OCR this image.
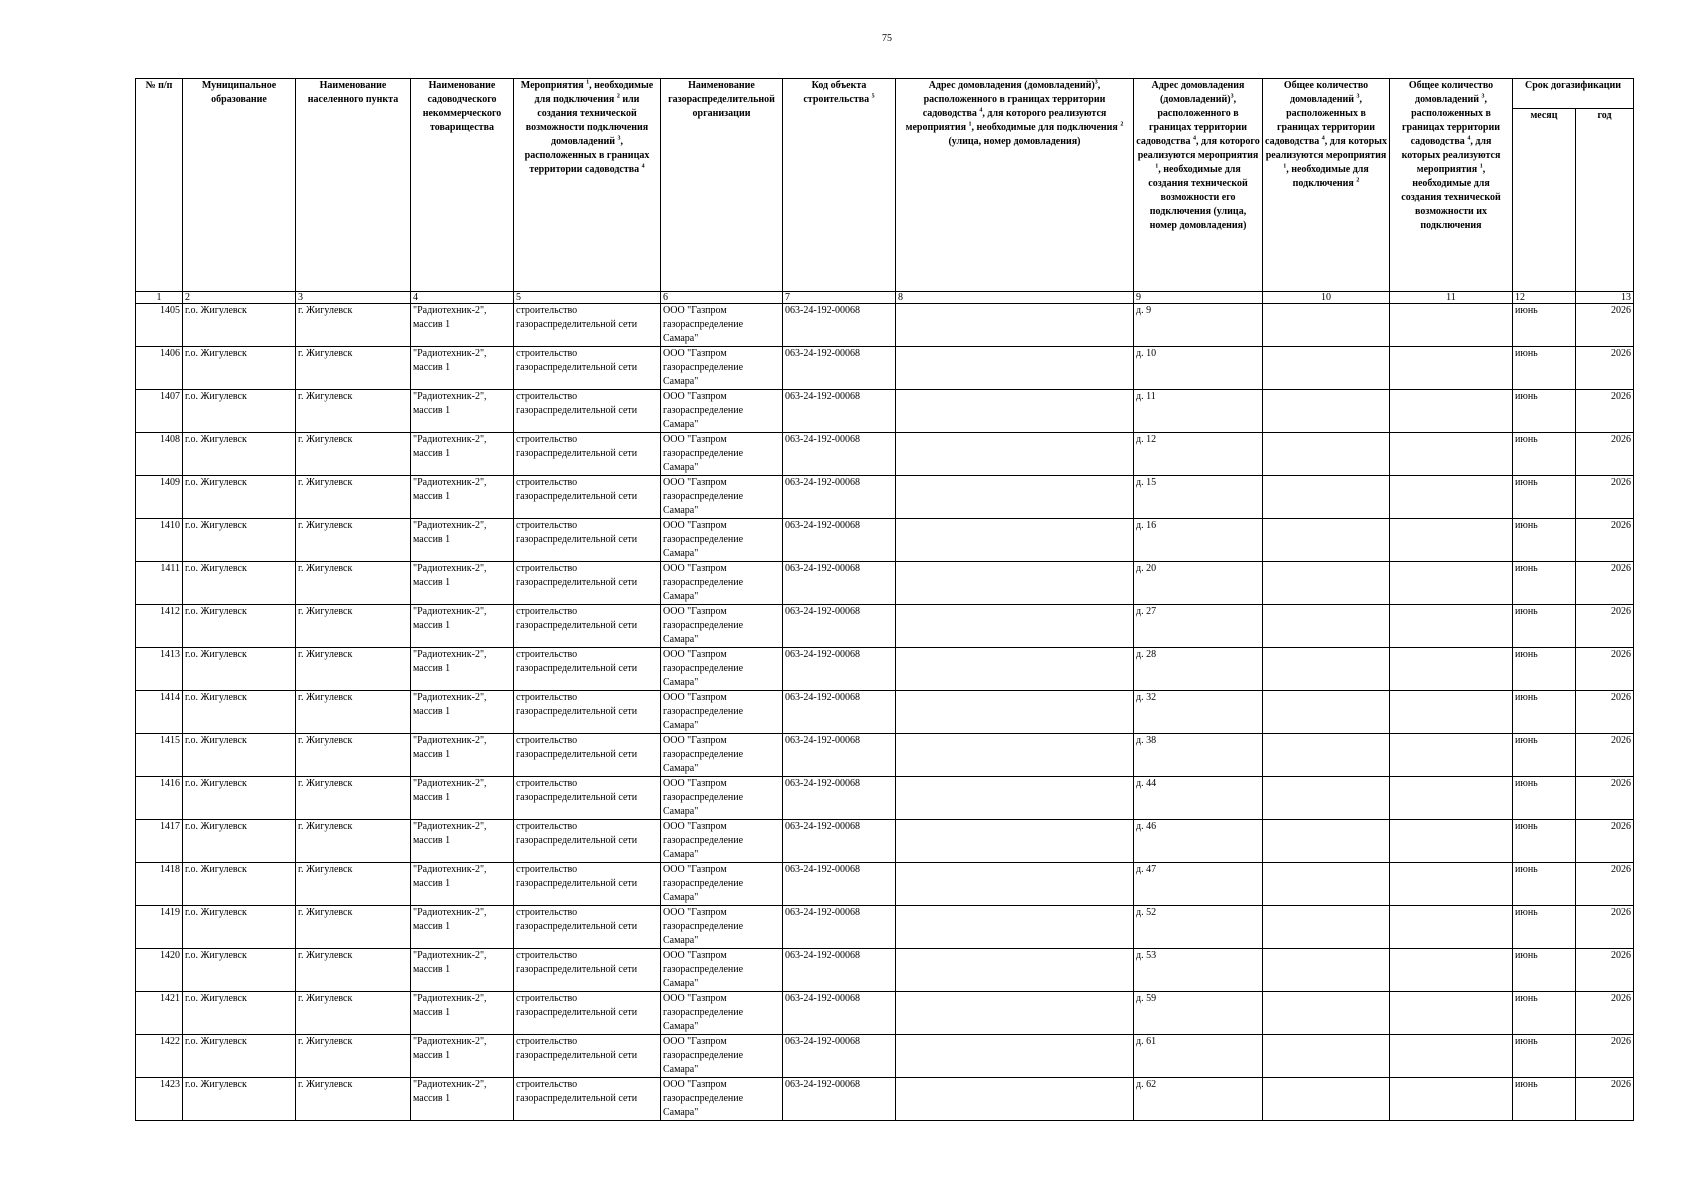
75
№ п/п	Муниципальное образование	Наименование населенного пункта	Наименование садоводческого некоммерческого товарищества	Мероприятия $^1$, необходимые для подключения $^2$ или создания технической возможности подключения домовладений $^3$, расположенных в границах территории садоводства $^4$	Наименование газораспределительной организации	Код объекта строительства $^5$	Адрес домовладения (домовладений)$^3$, расположенного в границах территории садоводства $^4$, для которого реализуются мероприятия $^1$, необходимые для подключения $^2$ (улица, номер домовладения)	Адрес домовладения (домовладений)$^3$, расположенного в границах территории садоводства $^4$, для которого реализуются мероприятия $^1$, необходимые для создания технической возможности его подключения (улица, номер домовладения)	Общее количество домовладений $^3$, расположенных в границах территории садоводства $^4$, для которых реализуются мероприятия $^1$, необходимые для подключения $^2$	Общее количество домовладений $^3$, расположенных в границах территории садоводства $^4$, для которых реализуются мероприятия $^1$, необходимые для создания технической возможности их подключения	Срок догазификации	
											месяц	год
1	2	3	4	5	6	7	8	9	10	11	12	13
1405	г.о. Жигулевск	г. Жигулевск	"Радиотехник-2", массив 1	строительство газораспределительной сети	ООО "Газпром газораспределение Самара"	063-24-192-00068		д. 9			июнь	2026
1406	г.о. Жигулевск	г. Жигулевск	"Радиотехник-2", массив 1	строительство газораспределительной сети	ООО "Газпром газораспределение Самара"	063-24-192-00068		д. 10			июнь	2026
1407	г.о. Жигулевск	г. Жигулевск	"Радиотехник-2", массив 1	строительство газораспределительной сети	ООО "Газпром газораспределение Самара"	063-24-192-00068		д. 11			июнь	2026
1408	г.о. Жигулевск	г. Жигулевск	"Радиотехник-2", массив 1	строительство газораспределительной сети	ООО "Газпром газораспределение Самара"	063-24-192-00068		д. 12			июнь	2026
1409	г.о. Жигулевск	г. Жигулевск	"Радиотехник-2", массив 1	строительство газораспределительной сети	ООО "Газпром газораспределение Самара"	063-24-192-00068		д. 15			июнь	2026
1410	г.о. Жигулевск	г. Жигулевск	"Радиотехник-2", массив 1	строительство газораспределительной сети	ООО "Газпром газораспределение Самара"	063-24-192-00068		д. 16			июнь	2026
1411	г.о. Жигулевск	г. Жигулевск	"Радиотехник-2", массив 1	строительство газораспределительной сети	ООО "Газпром газораспределение Самара"	063-24-192-00068		д. 20			июнь	2026
1412	г.о. Жигулевск	г. Жигулевск	"Радиотехник-2", массив 1	строительство газораспределительной сети	ООО "Газпром газораспределение Самара"	063-24-192-00068		д. 27			июнь	2026
1413	г.о. Жигулевск	г. Жигулевск	"Радиотехник-2", массив 1	строительство газораспределительной сети	ООО "Газпром газораспределение Самара"	063-24-192-00068		д. 28			июнь	2026
1414	г.о. Жигулевск	г. Жигулевск	"Радиотехник-2", массив 1	строительство газораспределительной сети	ООО "Газпром газораспределение Самара"	063-24-192-00068		д. 32			июнь	2026
1415	г.о. Жигулевск	г. Жигулевск	"Радиотехник-2", массив 1	строительство газораспределительной сети	ООО "Газпром газораспределение Самара"	063-24-192-00068		д. 38			июнь	2026
1416	г.о. Жигулевск	г. Жигулевск	"Радиотехник-2", массив 1	строительство газораспределительной сети	ООО "Газпром газораспределение Самара"	063-24-192-00068		д. 44			июнь	2026
1417	г.о. Жигулевск	г. Жигулевск	"Радиотехник-2", массив 1	строительство газораспределительной сети	ООО "Газпром газораспределение Самара"	063-24-192-00068		д. 46			июнь	2026
1418	г.о. Жигулевск	г. Жигулевск	"Радиотехник-2", массив 1	строительство газораспределительной сети	ООО "Газпром газораспределение Самара"	063-24-192-00068		д. 47			июнь	2026
1419	г.о. Жигулевск	г. Жигулевск	"Радиотехник-2", массив 1	строительство газораспределительной сети	ООО "Газпром газораспределение Самара"	063-24-192-00068		д. 52			июнь	2026
1420	г.о. Жигулевск	г. Жигулевск	"Радиотехник-2", массив 1	строительство газораспределительной сети	ООО "Газпром газораспределение Самара"	063-24-192-00068		д. 53			июнь	2026
1421	г.о. Жигулевск	г. Жигулевск	"Радиотехник-2", массив 1	строительство газораспределительной сети	ООО "Газпром газораспределение Самара"	063-24-192-00068		д. 59			июнь	2026
1422	г.о. Жигулевск	г. Жигулевск	"Радиотехник-2", массив 1	строительство газораспределительной сети	ООО "Газпром газораспределение Самара"	063-24-192-00068		д. 61			июнь	2026
1423	г.о. Жигулевск	г. Жигулевск	"Радиотехник-2", массив 1	строительство газораспределительной сети	ООО "Газпром газораспределение Самара"	063-24-192-00068		д. 62			июнь	2026
